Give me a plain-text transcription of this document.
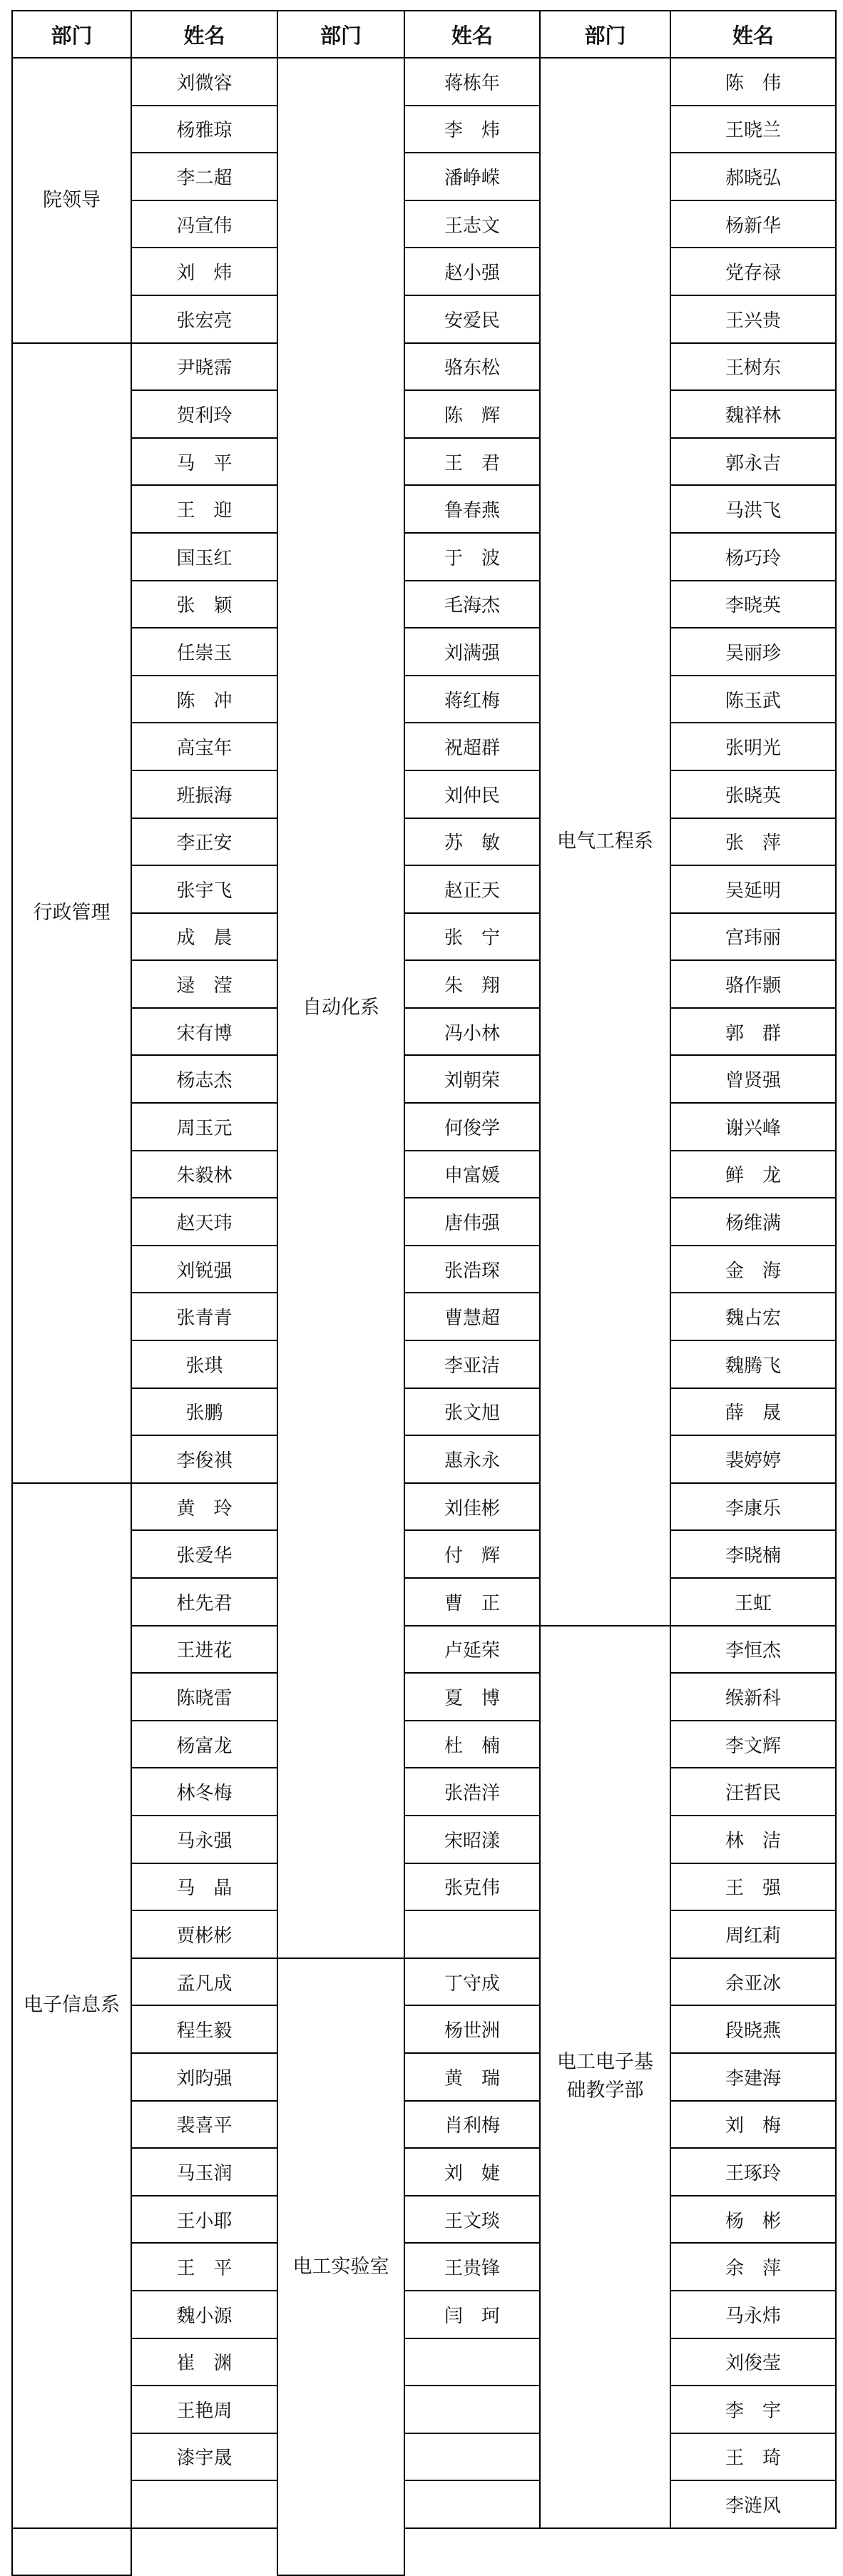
部门	姓名	部门	姓名	部门	姓名
院领导	刘微容	自动化系	蒋栋年	电气工程系	陈　伟
	杨雅琼		李　炜		王晓兰
	李二超		潘峥嵘		郝晓弘
	冯宣伟		王志文		杨新华
	刘　炜		赵小强		党存禄
	张宏亮		安爱民		王兴贵
行政管理	尹晓霈		骆东松		王树东
	贺利玲		陈　辉		魏祥林
	马　平		王　君		郭永吉
	王　迎		鲁春燕		马洪飞
	国玉红		于　波		杨巧玲
	张　颖		毛海杰		李晓英
	任崇玉		刘满强		吴丽珍
	陈　冲		蒋红梅		陈玉武
	高宝年		祝超群		张明光
	班振海		刘仲民		张晓英
	李正安		苏　敏		张　萍
	张宇飞		赵正天		吴延明
	成　晨		张　宁		宫玮丽
	逯　滢		朱　翔		骆作颢
	宋有博		冯小林		郭　群
	杨志杰		刘朝荣		曾贤强
	周玉元		何俊学		谢兴峰
	朱毅林		申富媛		鲜　龙
	赵天玮		唐伟强		杨维满
	刘锐强		张浩琛		金　海
	张青青		曹慧超		魏占宏
	张琪		李亚洁		魏腾飞
	张鹏		张文旭		薛　晟
	李俊祺		惠永永		裴婷婷
电子信息系	黄　玲		刘佳彬		李康乐
	张爱华		付　辉		李晓楠
	杜先君		曹　正		王虹
	王进花		卢延荣	电工电子基础教学部	李恒杰
	陈晓雷		夏　博		缑新科
	杨富龙		杜　楠		李文辉
	林冬梅		张浩洋		汪哲民
	马永强		宋昭漾		林　洁
	马　晶		张克伟		王　强
	贾彬彬				周红莉
	孟凡成	电工实验室	丁守成		余亚冰
	程生毅		杨世洲		段晓燕
	刘昀强		黄　瑞		李建海
	裴喜平		肖利梅		刘　梅
	马玉润		刘　婕		王琢玲
	王小耶		王文琰		杨　彬
	王　平		王贵锋		余　萍
	魏小源		闫　珂		马永炜
	崔　渊				刘俊莹
	王艳周				李　宇
	漆宇晟				王　琦
					李涟风
